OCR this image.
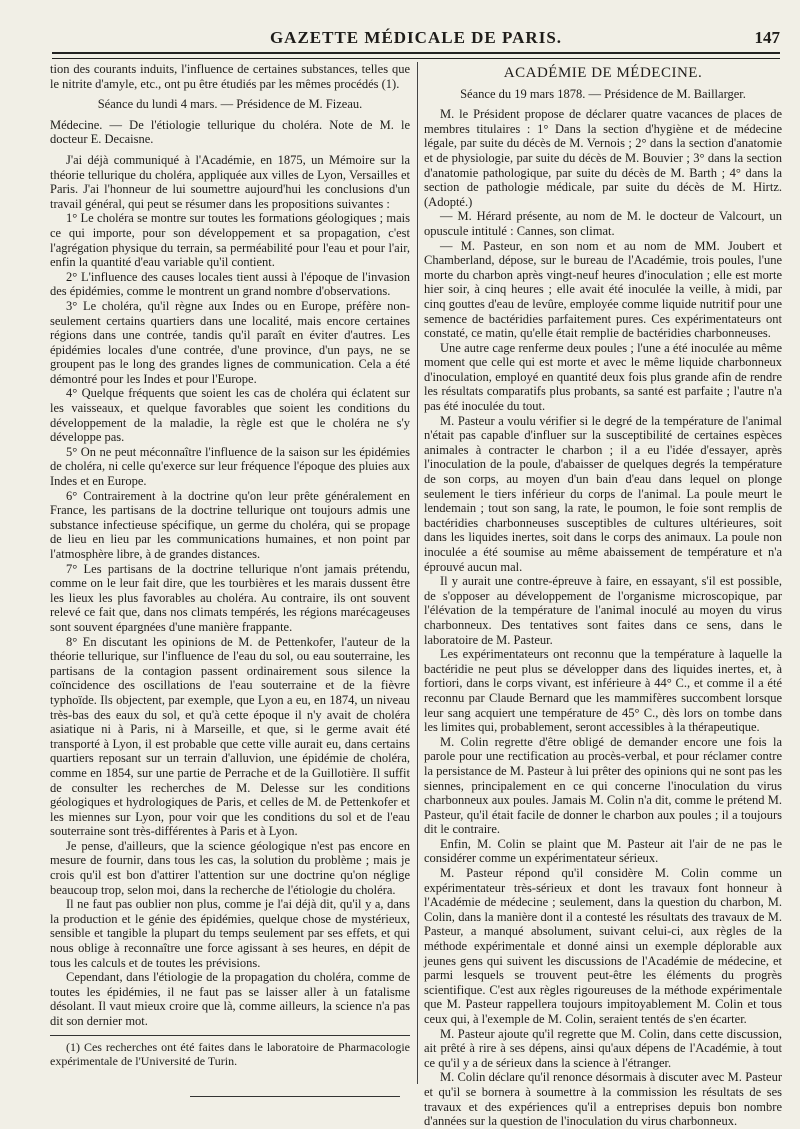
GAZETTE MÉDICALE DE PARIS.	147

tion des courants induits, l'influence de certaines substances, telles que le nitrite d'amyle, etc., ont pu être étudiés par les mêmes procédés (1).

Séance du lundi 4 mars. — Présidence de M. Fizeau.

Médecine. — De l'étiologie tellurique du choléra. Note de M. le docteur E. Decaisne.

J'ai déjà communiqué à l'Académie, en 1875, un Mémoire sur la théorie tellurique du choléra, appliquée aux villes de Lyon, Versailles et Paris. J'ai l'honneur de lui soumettre aujourd'hui les conclusions d'un travail général, qui peut se résumer dans les propositions suivantes :

1° Le choléra se montre sur toutes les formations géologiques ; mais ce qui importe, pour son développement et sa propagation, c'est l'agrégation physique du terrain, sa perméabilité pour l'eau et pour l'air, enfin la quantité d'eau variable qu'il contient.

2° L'influence des causes locales tient aussi à l'époque de l'invasion des épidémies, comme le montrent un grand nombre d'observations.

3° Le choléra, qu'il règne aux Indes ou en Europe, préfère non-seulement certains quartiers dans une localité, mais encore certaines régions dans une contrée, tandis qu'il paraît en éviter d'autres. Les épidémies locales d'une contrée, d'une province, d'un pays, ne se groupent pas le long des grandes lignes de communication. Cela a été démontré pour les Indes et pour l'Europe.

4° Quelque fréquents que soient les cas de choléra qui éclatent sur les vaisseaux, et quelque favorables que soient les conditions du développement de la maladie, la règle est que le choléra ne s'y développe pas.

5° On ne peut méconnaître l'influence de la saison sur les épidémies de choléra, ni celle qu'exerce sur leur fréquence l'époque des pluies aux Indes et en Europe.

6° Contrairement à la doctrine qu'on leur prête généralement en France, les partisans de la doctrine tellurique ont toujours admis une substance infectieuse spécifique, un germe du choléra, qui se propage de lieu en lieu par les communications humaines, et non point par l'atmosphère libre, à de grandes distances.

7° Les partisans de la doctrine tellurique n'ont jamais prétendu, comme on le leur fait dire, que les tourbières et les marais dussent être les lieux les plus favorables au choléra. Au contraire, ils ont souvent relevé ce fait que, dans nos climats tempérés, les régions marécageuses sont souvent épargnées d'une manière frappante.

8° En discutant les opinions de M. de Pettenkofer, l'auteur de la théorie tellurique, sur l'influence de l'eau du sol, ou eau souterraine, les partisans de la contagion passent ordinairement sous silence la coïncidence des oscillations de l'eau souterraine et de la fièvre typhoïde. Ils objectent, par exemple, que Lyon a eu, en 1874, un niveau très-bas des eaux du sol, et qu'à cette époque il n'y avait de choléra asiatique ni à Paris, ni à Marseille, et que, si le germe avait été transporté à Lyon, il est probable que cette ville aurait eu, dans certains quartiers reposant sur un terrain d'alluvion, une épidémie de choléra, comme en 1854, sur une partie de Perrache et de la Guillotière. Il suffit de consulter les recherches de M. Delesse sur les conditions géologiques et hydrologiques de Paris, et celles de M. de Pettenkofer et les miennes sur Lyon, pour voir que les conditions du sol et de l'eau souterraine sont très-différentes à Paris et à Lyon.

Je pense, d'ailleurs, que la science géologique n'est pas encore en mesure de fournir, dans tous les cas, la solution du problème ; mais je crois qu'il est bon d'attirer l'attention sur une doctrine qu'on néglige beaucoup trop, selon moi, dans la recherche de l'étiologie du choléra.

Il ne faut pas oublier non plus, comme je l'ai déjà dit, qu'il y a, dans la production et le génie des épidémies, quelque chose de mystérieux, sensible et tangible la plupart du temps seulement par ses effets, et qui nous oblige à reconnaître une force agissant à ses heures, en dépit de tous les calculs et de toutes les prévisions.

Cependant, dans l'étiologie de la propagation du choléra, comme de toutes les épidémies, il ne faut pas se laisser aller à un fatalisme désolant. Il vaut mieux croire que là, comme ailleurs, la science n'a pas dit son dernier mot.

(1) Ces recherches ont été faites dans le laboratoire de Pharmacologie expérimentale de l'Université de Turin.

ACADÉMIE DE MÉDECINE.

Séance du 19 mars 1878. — Présidence de M. Baillarger.

M. le Président propose de déclarer quatre vacances de places de membres titulaires : 1° Dans la section d'hygiène et de médecine légale, par suite du décès de M. Vernois ; 2° dans la section d'anatomie et de physiologie, par suite du décès de M. Bouvier ; 3° dans la section d'anatomie pathologique, par suite du décès de M. Barth ; 4° dans la section de pathologie médicale, par suite du décès de M. Hirtz. (Adopté.)

— M. Hérard présente, au nom de M. le docteur de Valcourt, un opuscule intitulé : Cannes, son climat.

— M. Pasteur, en son nom et au nom de MM. Joubert et Chamberland, dépose, sur le bureau de l'Académie, trois poules, l'une morte du charbon après vingt-neuf heures d'inoculation ; elle est morte hier soir, à cinq heures ; elle avait été inoculée la veille, à midi, par cinq gouttes d'eau de levûre, employée comme liquide nutritif pour une semence de bactéridies parfaitement pures. Ces expérimentateurs ont constaté, ce matin, qu'elle était remplie de bactéridies charbonneuses.

Une autre cage renferme deux poules ; l'une a été inoculée au même moment que celle qui est morte et avec le même liquide charbonneux d'inoculation, employé en quantité deux fois plus grande afin de rendre les résultats comparatifs plus probants, sa santé est parfaite ; l'autre n'a pas été inoculée du tout.

M. Pasteur a voulu vérifier si le degré de la température de l'animal n'était pas capable d'influer sur la susceptibilité de certaines espèces animales à contracter le charbon ; il a eu l'idée d'essayer, après l'inoculation de la poule, d'abaisser de quelques degrés la température de son corps, au moyen d'un bain d'eau dans lequel on plonge seulement le tiers inférieur du corps de l'animal. La poule meurt le lendemain ; tout son sang, la rate, le poumon, le foie sont remplis de bactéridies charbonneuses susceptibles de cultures ultérieures, soit dans les liquides inertes, soit dans le corps des animaux. La poule non inoculée a été soumise au même abaissement de température et n'a éprouvé aucun mal.

Il y aurait une contre-épreuve à faire, en essayant, s'il est possible, de s'opposer au développement de l'organisme microscopique, par l'élévation de la température de l'animal inoculé au moyen du virus charbonneux. Des tentatives sont faites dans ce sens, dans le laboratoire de M. Pasteur.

Les expérimentateurs ont reconnu que la température à laquelle la bactéridie ne peut plus se développer dans des liquides inertes, et, à fortiori, dans le corps vivant, est inférieure à 44° C., et comme il a été reconnu par Claude Bernard que les mammifères succombent lorsque leur sang acquiert une température de 45° C., dès lors on tombe dans les limites qui, probablement, seront accessibles à la thérapeutique.

M. Colin regrette d'être obligé de demander encore une fois la parole pour une rectification au procès-verbal, et pour réclamer contre la persistance de M. Pasteur à lui prêter des opinions qui ne sont pas les siennes, principalement en ce qui concerne l'inoculation du virus charbonneux aux poules. Jamais M. Colin n'a dit, comme le prétend M. Pasteur, qu'il était facile de donner le charbon aux poules ; il a toujours dit le contraire.

Enfin, M. Colin se plaint que M. Pasteur ait l'air de ne pas le considérer comme un expérimentateur sérieux.

M. Pasteur répond qu'il considère M. Colin comme un expérimentateur très-sérieux et dont les travaux font honneur à l'Académie de médecine ; seulement, dans la question du charbon, M. Colin, dans la manière dont il a contesté les résultats des travaux de M. Pasteur, a manqué absolument, suivant celui-ci, aux règles de la méthode expérimentale et donné ainsi un exemple déplorable aux jeunes gens qui suivent les discussions de l'Académie de médecine, et parmi lesquels se trouvent peut-être les éléments du progrès scientifique. C'est aux règles rigoureuses de la méthode expérimentale que M. Pasteur rappellera toujours impitoyablement M. Colin et tous ceux qui, à l'exemple de M. Colin, seraient tentés de s'en écarter.

M. Pasteur ajoute qu'il regrette que M. Colin, dans cette discussion, ait prêté à rire à ses dépens, ainsi qu'aux dépens de l'Académie, à tout ce qu'il y a de sérieux dans la science à l'étranger.

M. Colin déclare qu'il renonce désormais à discuter avec M. Pasteur et qu'il se bornera à soumettre à la commission les résultats de ses travaux et des expériences qu'il a entreprises depuis bon nombre d'années sur la question de l'inoculation du virus charbonneux.
